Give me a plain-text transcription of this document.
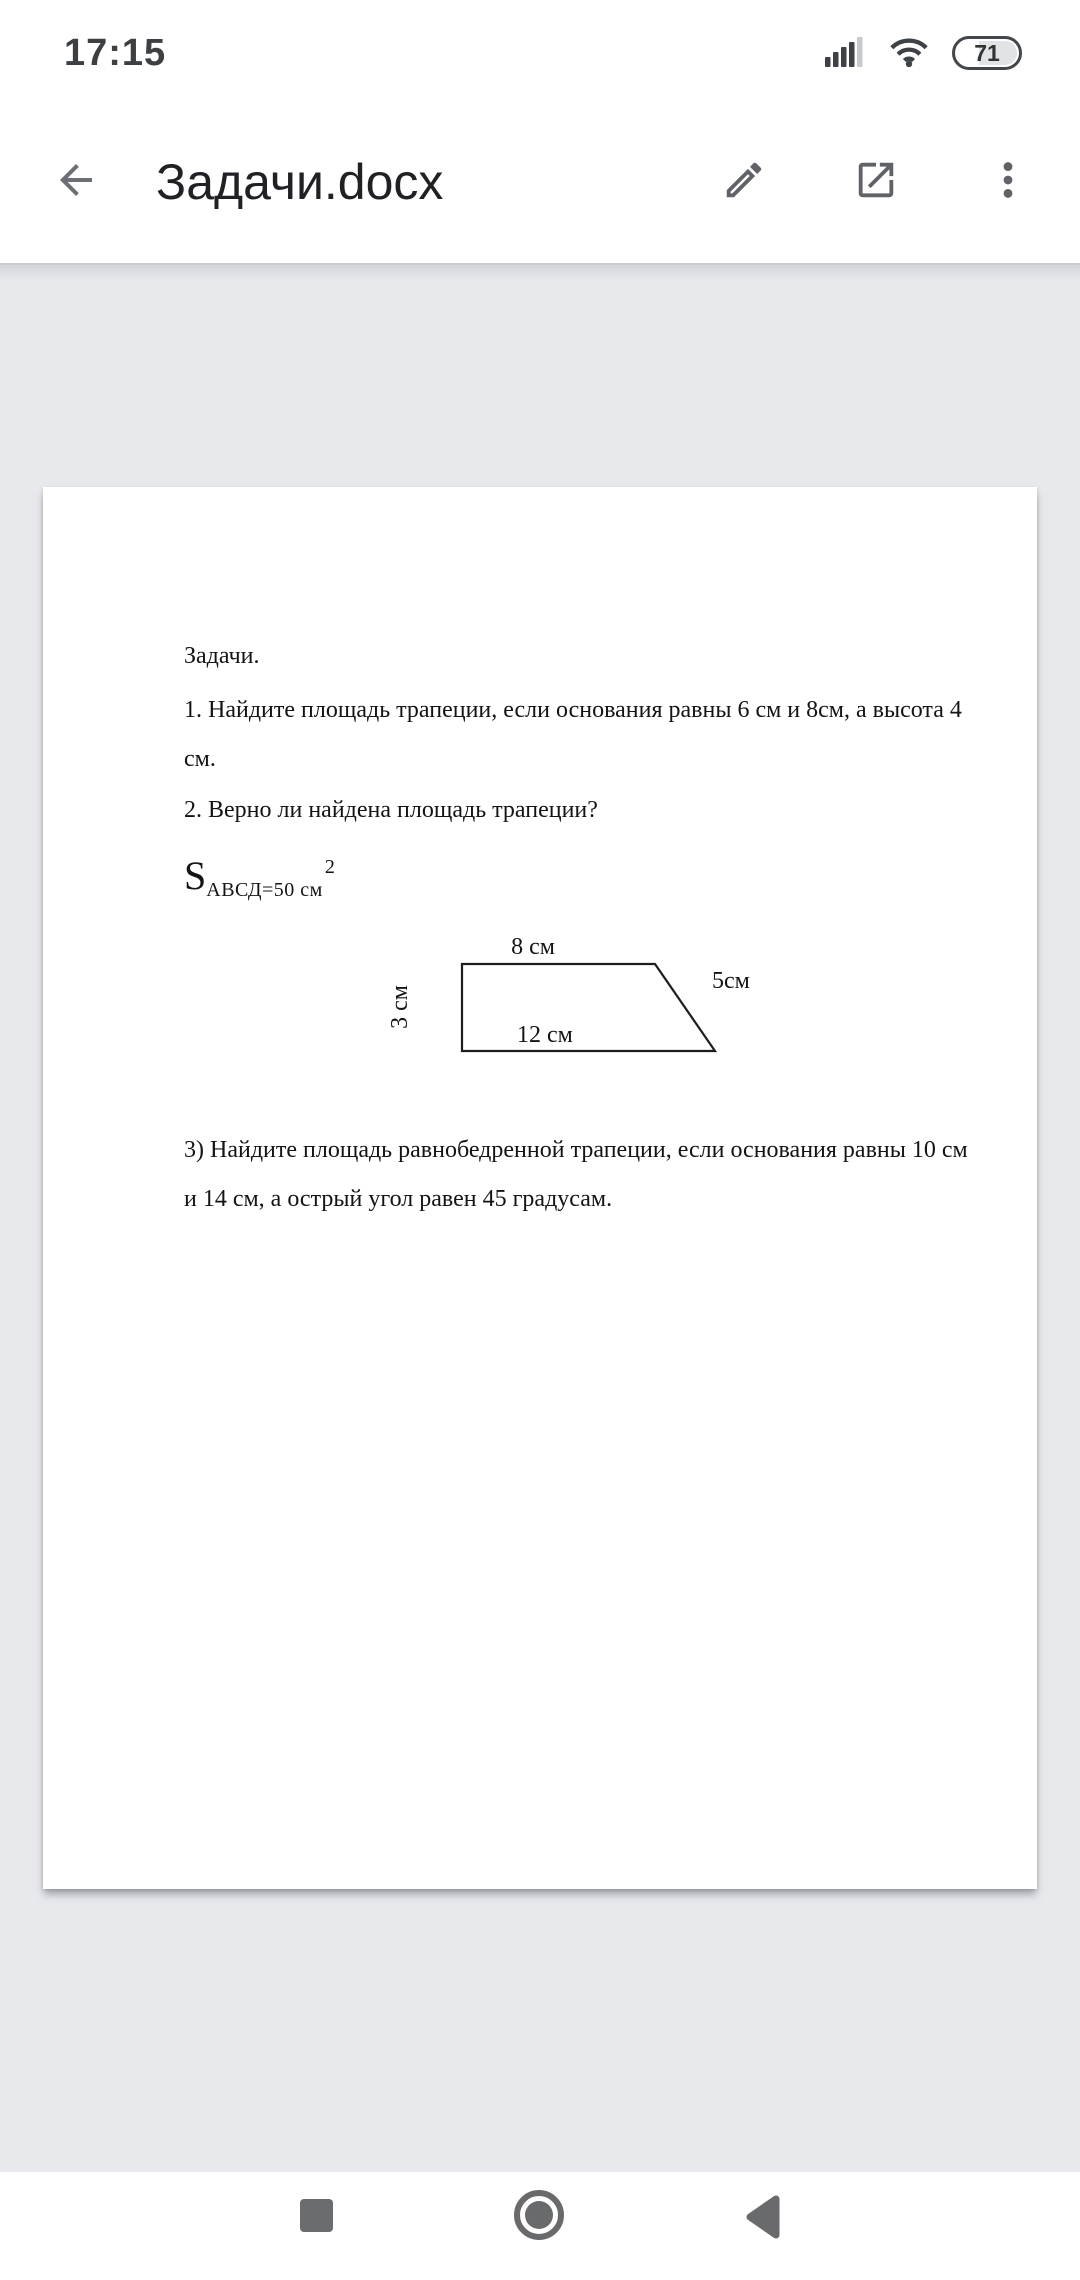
17:15	71
Задачи.docx
Задачи.
1. Найдите площадь трапеции, если основания равны 6 см и 8см, а высота 4
см.
2. Верно ли найдена площадь трапеции?
$S_{АВСД=50 см}^2$
8 см
5см
12 см
3 см
3) Найдите площадь равнобедренной трапеции, если основания равны 10 см
и 14 см, а острый угол равен 45 градусам.
